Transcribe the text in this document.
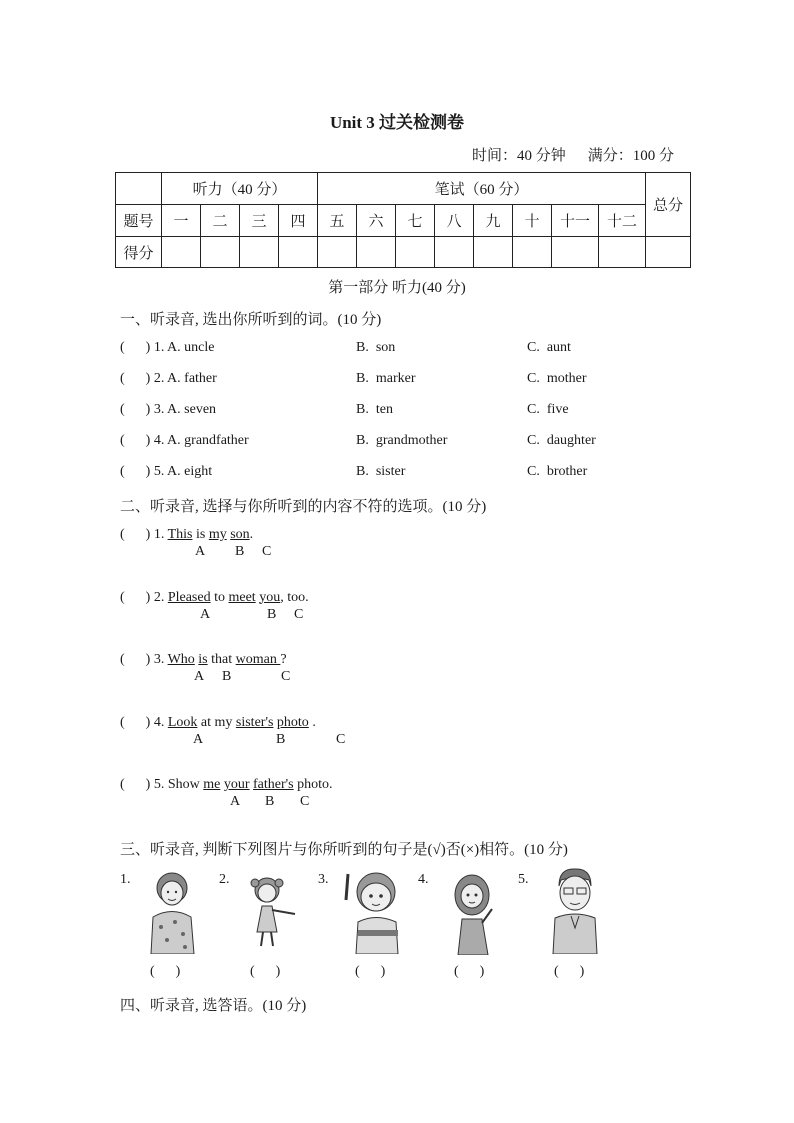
Unit 3 过关检测卷
时间：40 分钟 满分：100 分
	听力（40 分）				笔试（60 分）								总分
题号	一	二	三	四	五	六	七	八	九	十	十一	十二	
得分													
第一部分 听力(40 分)
一、听录音, 选出你所听到的词。(10 分)
(      ) 1. A. uncle	B.  son	C.  aunt
(      ) 2. A. father	B.  marker	C.  mother
(      ) 3. A. seven	B.  ten	C.  five
(      ) 4. A. grandfather	B.  grandmother	C.  daughter
(      ) 5. A. eight	B.  sister	C.  brother
二、听录音, 选择与你所听到的内容不符的选项。(10 分)
(      ) 1. This is my son.
A B C
(      ) 2. Pleased to meet you, too.
A	B C
(      ) 3. Who is that woman ?
A B	C
(      ) 4. Look at my sister's photo .
A	B	C
(      ) 5. Show me your father's photo.
A B C
三、听录音, 判断下列图片与你所听到的句子是(√)否(×)相符。(10 分)
1.
(      )
2.
(      )
3.
(      )
4.
(      )
5.
(      )
四、听录音, 选答语。(10 分)
